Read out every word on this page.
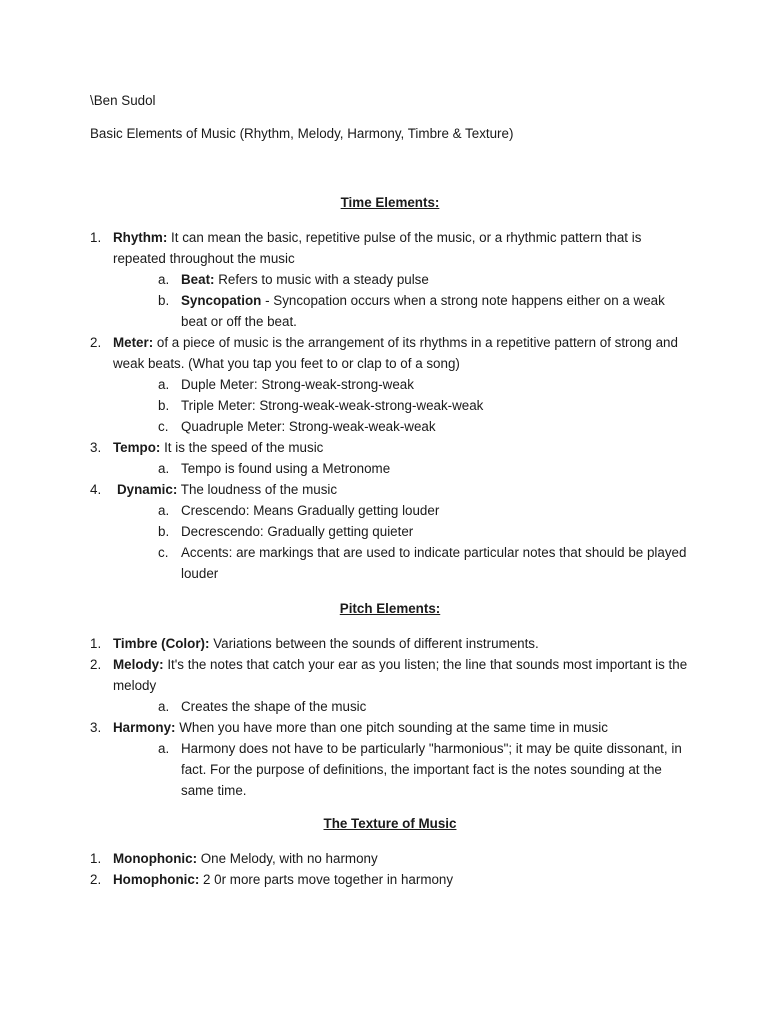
\Ben Sudol
Basic Elements of Music (Rhythm, Melody, Harmony, Timbre & Texture)
Time Elements:
1. Rhythm: It can mean the basic, repetitive pulse of the music, or a rhythmic pattern that is repeated throughout the music
a. Beat: Refers to music with a steady pulse
b. Syncopation - Syncopation occurs when a strong note happens either on a weak beat or off the beat.
2. Meter: of a piece of music is the arrangement of its rhythms in a repetitive pattern of strong and weak beats. (What you tap you feet to or clap to of a song)
a. Duple Meter: Strong-weak-strong-weak
b. Triple Meter: Strong-weak-weak-strong-weak-weak
c. Quadruple Meter: Strong-weak-weak-weak
3. Tempo: It is the speed of the music
a. Tempo is found using a Metronome
4. Dynamic: The loudness of the music
a. Crescendo: Means Gradually getting louder
b. Decrescendo: Gradually getting quieter
c. Accents: are markings that are used to indicate particular notes that should be played louder
Pitch Elements:
1. Timbre (Color): Variations between the sounds of different instruments.
2. Melody: It's the notes that catch your ear as you listen; the line that sounds most important is the melody
a. Creates the shape of the music
3. Harmony: When you have more than one pitch sounding at the same time in music
a. Harmony does not have to be particularly "harmonious"; it may be quite dissonant, in fact. For the purpose of definitions, the important fact is the notes sounding at the same time.
The Texture of Music
1. Monophonic: One Melody, with no harmony
2. Homophonic: 2 0r more parts move together in harmony
